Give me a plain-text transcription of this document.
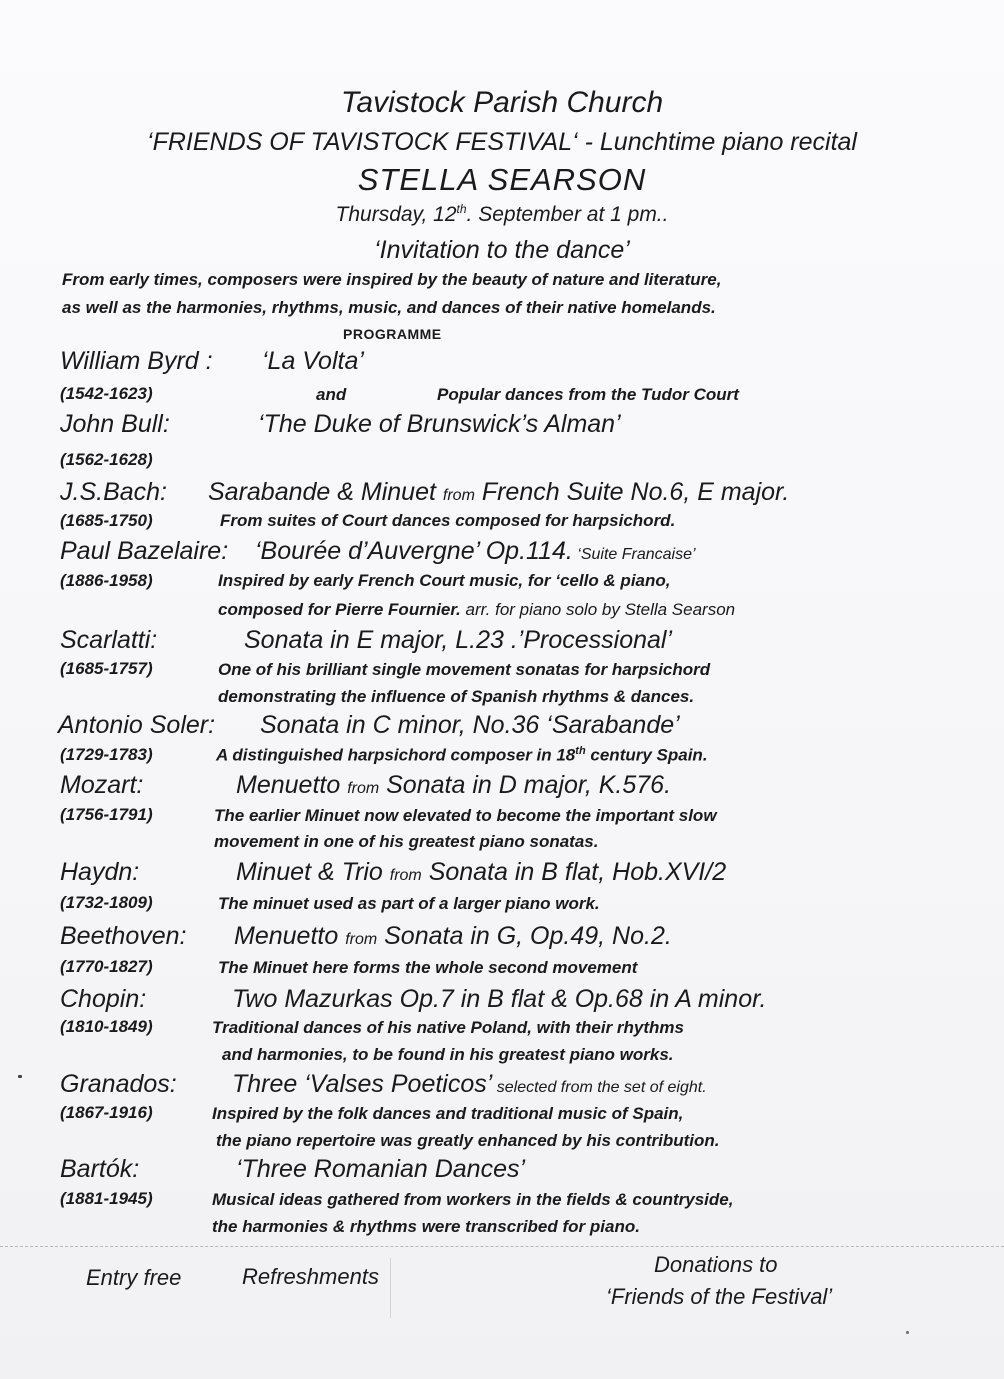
Tavistock Parish Church
‘FRIENDS OF TAVISTOCK FESTIVAL‘ - Lunchtime piano recital
STELLA SEARSON
Thursday, 12th. September at 1 pm..
‘Invitation to the dance’
From early times, composers were inspired by the beauty of nature and literature,
as well as the harmonies, rhythms, music, and dances of their native homelands.
PROGRAMME
William Byrd : ‘La Volta’
(1542-1623)	and	Popular dances from the Tudor Court
John Bull:	‘The Duke of Brunswick’s Alman’
(1562-1628)
J.S.Bach: Sarabande & Minuet from French Suite No.6, E major.
(1685-1750)	From suites of Court dances composed for harpsichord.
Paul Bazelaire: ‘Bourée d’Auvergne’ Op.114. ‘Suite Francaise’
(1886-1958)	Inspired by early French Court music, for ‘cello & piano,
composed for Pierre Fournier. arr. for piano solo by Stella Searson
Scarlatti:	Sonata in E major, L.23 .’Processional’
(1685-1757)	One of his brilliant single movement sonatas for harpsichord
demonstrating the influence of Spanish rhythms & dances.
Antonio Soler: Sonata in C minor, No.36 ‘Sarabande’
(1729-1783)	A distinguished harpsichord composer in 18th century Spain.
Mozart:	Menuetto from Sonata in D major, K.576.
(1756-1791)	The earlier Minuet now elevated to become the important slow
movement in one of his greatest piano sonatas.
Haydn:	Minuet & Trio from Sonata in B flat, Hob.XVI/2
(1732-1809)	The minuet used as part of a larger piano work.
Beethoven: Menuetto from Sonata in G, Op.49, No.2.
(1770-1827)	The Minuet here forms the whole second movement
Chopin:	Two Mazurkas Op.7 in B flat & Op.68 in A minor.
(1810-1849)	Traditional dances of his native Poland, with their rhythms
and harmonies, to be found in his greatest piano works.
Granados: Three ‘Valses Poeticos’ selected from the set of eight.
(1867-1916)	Inspired by the folk dances and traditional music of Spain,
the piano repertoire was greatly enhanced by his contribution.
Bartók:	‘Three Romanian Dances’
(1881-1945)	Musical ideas gathered from workers in the fields & countryside,
the harmonies & rhythms were transcribed for piano.
Entry free	Refreshments	Donations to
‘Friends of the Festival’
